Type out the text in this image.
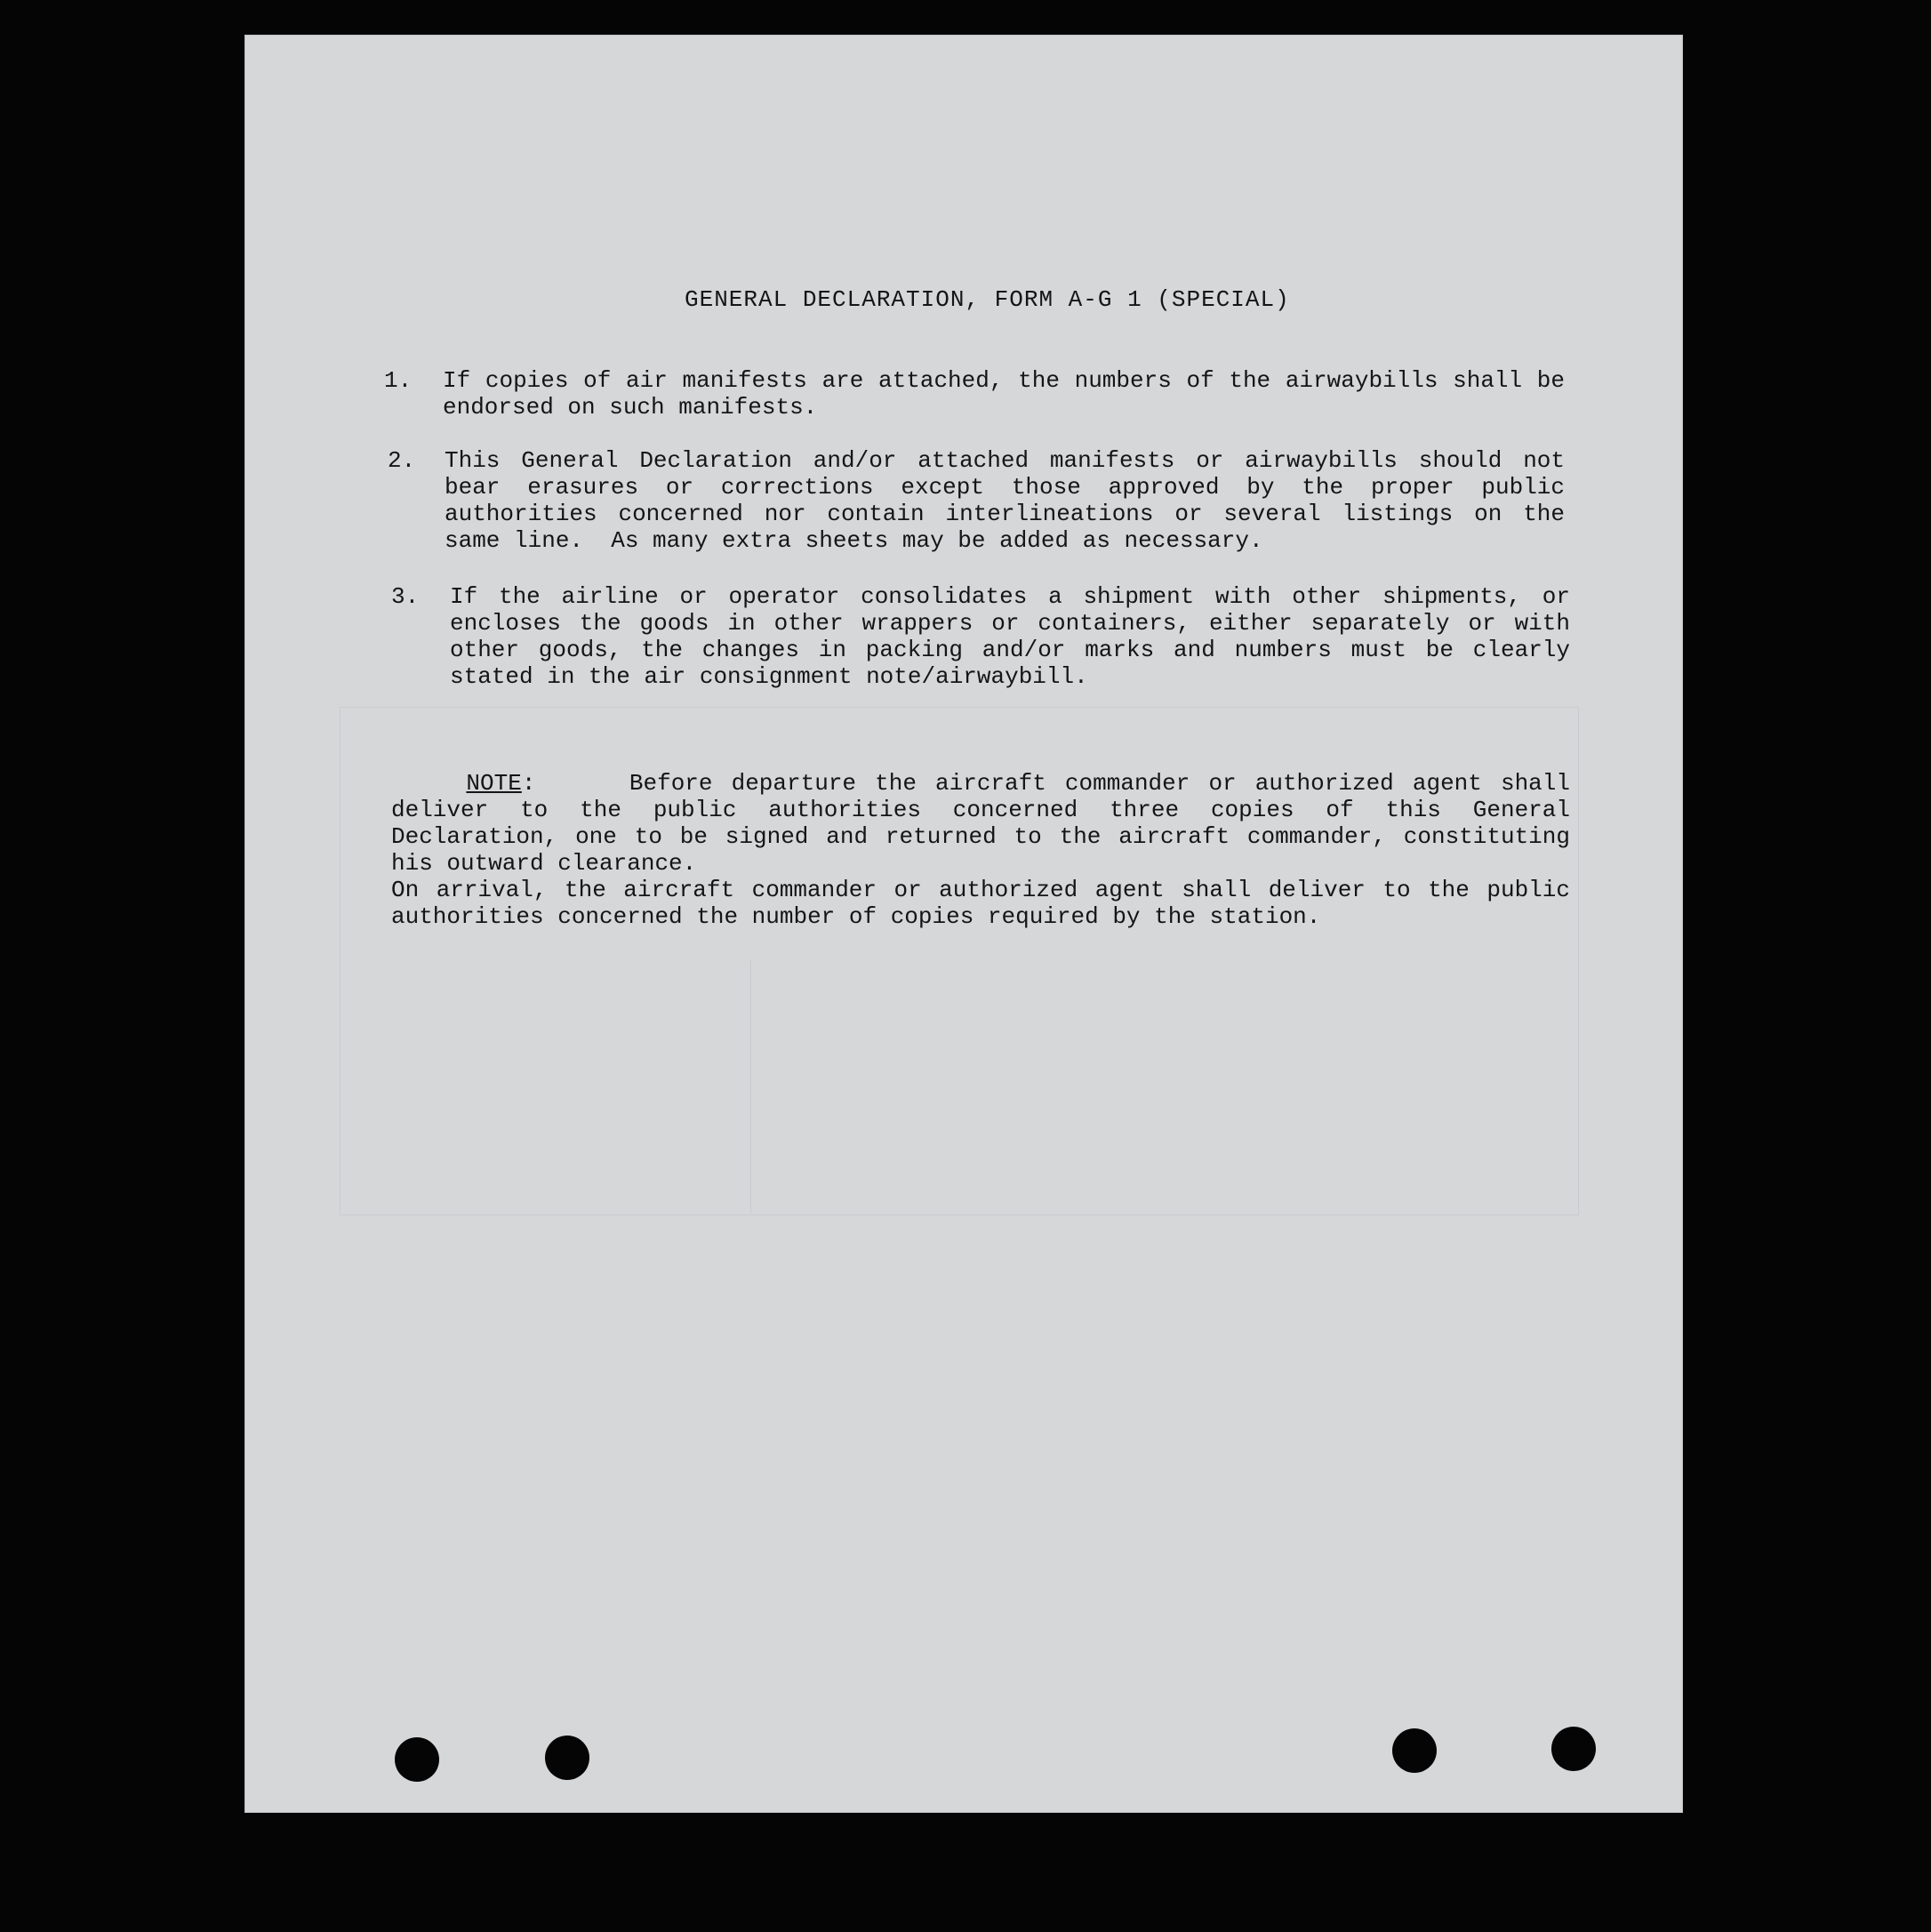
GENERAL DECLARATION, FORM A-G 1 (SPECIAL)
1. If copies of air manifests are attached, the numbers of the airwaybills shall be endorsed on such manifests.
2. This General Declaration and/or attached manifests or airwaybills should not bear erasures or corrections except those approved by the proper public authorities concerned nor contain interlineations or several listings on the same line.  As many extra sheets may be added as necessary.
3. If the airline or operator consolidates a shipment with other shipments, or encloses the goods in other wrappers or containers, either separately or with other goods, the changes in packing and/or marks and numbers must be clearly stated in the air consignment note/airwaybill.

NOTE:     Before departure the aircraft commander or authorized agent shall deliver to the public authorities concerned three copies of this General Declaration, one to be signed and returned to the aircraft commander, constituting his outward clearance.

On arrival, the aircraft commander or authorized agent shall deliver to the public authorities concerned the number of copies required by the station.
